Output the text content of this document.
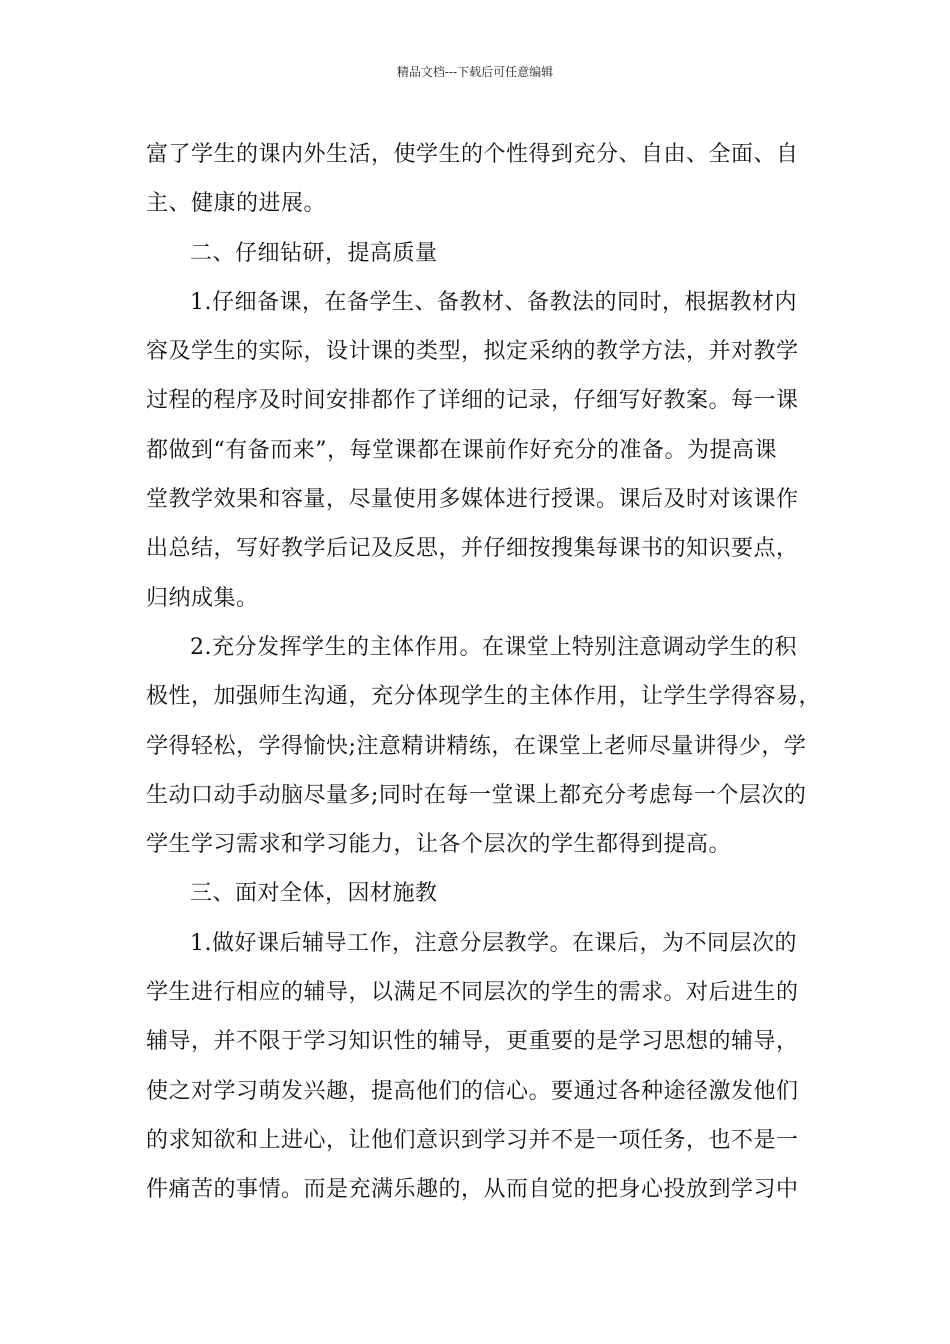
精品文档---下载后可任意编辑

富了学生的课内外生活，使学生的个性得到充分、自由、全面、自
主、健康的进展。

二、仔细钻研，提高质量

1.仔细备课，在备学生、备教材、备教法的同时，根据教材内
容及学生的实际，设计课的类型，拟定采纳的教学方法，并对教学
过程的程序及时间安排都作了详细的记录，仔细写好教案。每一课
都做到“有备而来”，每堂课都在课前作好充分的准备。为提高课
堂教学效果和容量，尽量使用多媒体进行授课。课后及时对该课作
出总结，写好教学后记及反思，并仔细按搜集每课书的知识要点，
归纳成集。

2.充分发挥学生的主体作用。在课堂上特别注意调动学生的积
极性，加强师生沟通，充分体现学生的主体作用，让学生学得容易，
学得轻松，学得愉快;注意精讲精练，在课堂上老师尽量讲得少，学
生动口动手动脑尽量多;同时在每一堂课上都充分考虑每一个层次的
学生学习需求和学习能力，让各个层次的学生都得到提高。

三、面对全体，因材施教

1.做好课后辅导工作，注意分层教学。在课后，为不同层次的
学生进行相应的辅导，以满足不同层次的学生的需求。对后进生的
辅导，并不限于学习知识性的辅导，更重要的是学习思想的辅导，
使之对学习萌发兴趣，提高他们的信心。要通过各种途径激发他们
的求知欲和上进心，让他们意识到学习并不是一项任务，也不是一
件痛苦的事情。而是充满乐趣的，从而自觉的把身心投放到学习中
